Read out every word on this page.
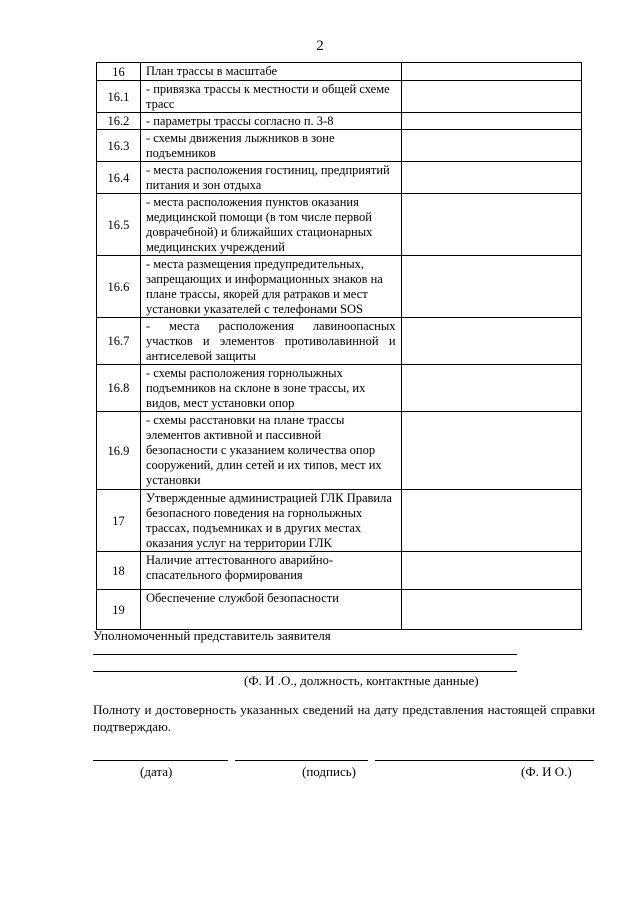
2
16	План трассы в масштабе	
16.1	- привязка трассы к местности и общей схеме трасс	
16.2	- параметры трассы согласно п. 3-8	
16.3	- схемы движения лыжников в зоне подъемников	
16.4	- места расположения гостиниц, предприятий питания и зон отдыха	
16.5	- места расположения пунктов оказания медицинской помощи (в том числе первой доврачебной) и ближайших стационарных медицинских учреждений	
16.6	- места размещения предупредительных, запрещающих и информационных знаков на плане трассы, якорей для ратраков и мест установки указателей с телефонами SOS	
16.7	- места расположения лавиноопасных участков и элементов противолавинной и антиселевой защиты	
16.8	- схемы расположения горнолыжных подъемников на склоне в зоне трассы, их видов, мест установки опор	
16.9	- схемы расстановки на плане трассы элементов активной и пассивной безопасности с указанием количества опор сооружений, длин сетей и их типов, мест их установки	
17	Утвержденные администрацией ГЛК Правила безопасного поведения на горнолыжных трассах, подъемниках и в других местах оказания услуг на территории ГЛК	
18	Наличие аттестованного аварийно-спасательного формирования	
19	Обеспечение службой безопасности	
Уполномоченный представитель заявителя
(Ф. И .О., должность, контактные данные)
Полноту и достоверность указанных сведений на дату представления настоящей справки подтверждаю.
(дата)	(подпись)	(Ф. И О.)
